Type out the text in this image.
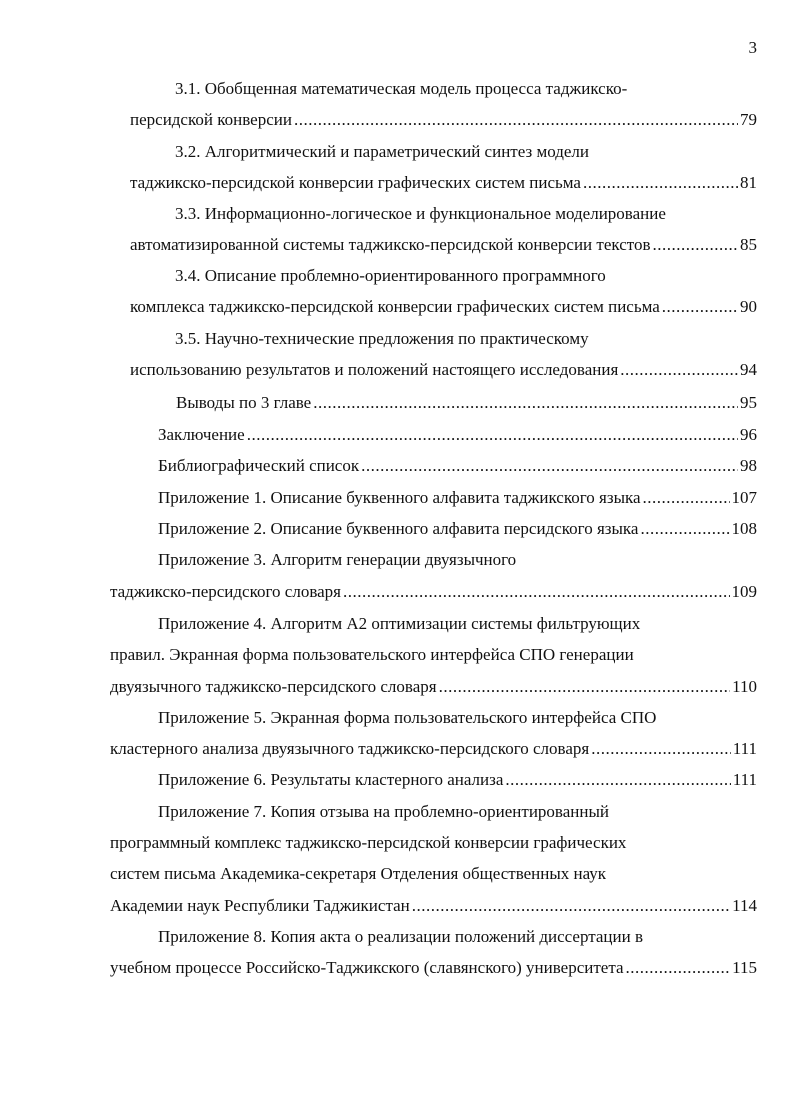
3
3.1. Обобщенная математическая модель процесса таджикско-
персидской конверсии .....	79
3.2. Алгоритмический и параметрический синтез модели
таджикско-персидской конверсии графических систем письма .....	81
3.3. Информационно-логическое и функциональное моделирование
автоматизированной системы таджикско-персидской конверсии текстов .....	85
3.4. Описание проблемно-ориентированного программного
комплекса таджикско-персидской конверсии графических систем письма .....	90
3.5. Научно-технические предложения по практическому
использованию результатов и положений настоящего исследования .....	94
Выводы по 3 главе .....	95
Заключение .....	96
Библиографический список .....	98
Приложение 1. Описание буквенного алфавита таджикского языка .....	107
Приложение 2. Описание буквенного алфавита персидского языка .....	108
Приложение 3. Алгоритм генерации двуязычного
таджикско-персидского словаря .....	109
Приложение 4. Алгоритм А2 оптимизации системы фильтрующих
правил. Экранная форма пользовательского интерфейса СПО генерации
двуязычного таджикско-персидского словаря .....	110
Приложение 5. Экранная форма пользовательского интерфейса СПО
кластерного анализа двуязычного таджикско-персидского словаря .....	111
Приложение 6. Результаты кластерного анализа .....	111
Приложение 7. Копия отзыва на проблемно-ориентированный
программный комплекс таджикско-персидской конверсии графических
систем письма Академика-секретаря Отделения общественных наук
Академии наук Республики Таджикистан .....	114
Приложение 8. Копия акта о реализации положений диссертации в
учебном процессе Российско-Таджикского (славянского) университета .....	115
